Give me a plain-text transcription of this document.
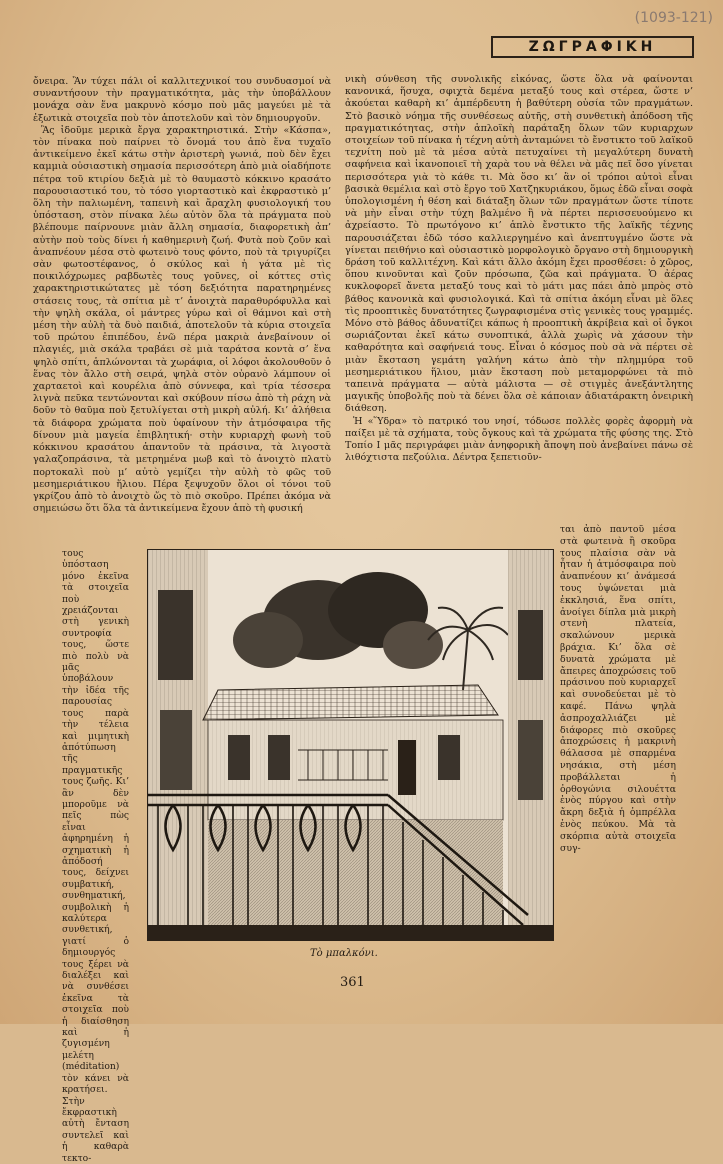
(1093-121)
ΖΩΓΡΑΦΙΚΗ

ὄνειρα. Ἂν τύχει πάλι οἱ καλλιτεχνικοί του συνδυασμοί νὰ συναντήσουν τὴν πραγματικότητα, μὰς τὴν ὑποβάλλουν μονάχα σὰν ἕνα μακρυνὸ κόσμο ποὺ μᾶς μαγεύει μὲ τὰ ἐξωτικὰ στοιχεῖα ποὺ τὸν ἀποτελοῦν καὶ τὸν δημιουργοῦν.

Ἂς ἰδοῦμε μερικὰ ἔργα χαρακτηριστικά. Στὴν «Κάσπα», τὸν πίνακα ποὺ παίρνει τὸ ὄνομά του ἀπὸ ἕνα τυχαῖο ἀντικείμενο ἐκεῖ κάτω στὴν ἀριστερὴ γωνιά, ποὺ δὲν ἔχει καμμιὰ οὐσιαστικὴ σημασία περισσότερη ἀπὸ μιὰ οἱαδήποτε πέτρα τοῦ κτιρίου δεξιὰ μὲ τὸ θαυμαστὸ κόκκινο κρασάτο παρουσιαστικό του, τὸ τόσο γιορταστικὸ καὶ ἐκφραστικὸ μ’ ὅλη τὴν παλιωμένη, ταπεινὴ καὶ ἄραχλη φυσιολογική του ὑπόσταση, στὸν πίνακα λέω αὐτὸν ὅλα τὰ πράγματα ποὺ βλέπουμε παίρνουνε μιὰν ἄλλη σημασία, διαφορετικὴ ἀπ’ αὐτὴν ποὺ τοὺς δίνει ἡ καθημερινὴ ζωή. Φυτὰ ποὺ ζοῦν καὶ ἀναπνέουν μέσα στὸ φωτεινὸ τους φόντο, ποὺ τὰ τριγυρίζει σὰν φωτοστέφανος, ὁ σκύλος καὶ ἡ γάτα μὲ τὶς ποικιλόχρωμες ραβδωτὲς τους γοῦνες, οἱ κόττες στὶς χαρακτηριστικώτατες μὲ τόση δεξιότητα παρατηρημένες στάσεις τους, τὰ σπίτια μὲ τ’ ἀνοιχτὰ παραθυρόφυλλα καὶ τὴν ψηλὴ σκάλα, οἱ μάντρες γύρω καὶ οἱ θάμνοι καὶ στὴ μέση τὴν αὐλὴ τὰ δυὸ παιδιά, ἀποτελοῦν τὰ κύρια στοιχεῖα τοῦ πρώτου ἐπιπέδου, ἐνῶ πέρα μακριὰ ἀνεβαίνουν οἱ πλαγιές, μιὰ σκάλα τραβάει σὲ μιὰ ταράτσα κοντὰ σ’ ἕνα ψηλὸ σπίτι, ἁπλώνονται τὰ χωράφια, οἱ λόφοι ἀκολουθοῦν ὁ ἕνας τὸν ἄλλο στὴ σειρά, ψηλὰ στὸν οὐρανὸ λάμπουν οἱ χαρταετοὶ καὶ κουρέλια ἀπὸ σύννεφα, καὶ τρία τέσσερα λιγνὰ πεῦκα τεντώνονται καὶ σκύβουν πίσω ἀπὸ τὴ ράχη νὰ δοῦν τὸ θαῦμα ποὺ ξετυλίγεται στὴ μικρὴ αὐλή. Κι’ ἀλήθεια τὰ διάφορα χρώματα ποὺ ὑφαίνουν τὴν ἀτμόσφαιρα τῆς δίνουν μιὰ μαγεία ἐπιβλητική· στὴν κυριαρχὴ φωνὴ τοῦ κόκκινου κρασάτου ἀπαντοῦν τὰ πράσινα, τὰ λιγοστὰ γαλαζοπράσινα, τὰ μετρημένα μωβ καὶ τὸ ἀνοιχτὸ πλατὺ πορτοκαλὶ ποὺ μ’ αὐτὸ γεμίζει τὴν αὐλὴ τὸ φῶς τοῦ μεσημεριάτικου ἥλιου. Πέρα ξεψυχοῦν ὅλοι οἱ τόνοι τοῦ γκρίζου ἀπὸ τὸ ἀνοιχτὸ ὥς τὸ πιὸ σκοῦρο. Πρέπει ἀκόμα νὰ σημειώσω ὅτι ὅλα τὰ ἀντικείμενα ἔχουν ἀπὸ τὴ φυσική

νικὴ σύνθεση τῆς συνολικῆς εἰκόνας, ὥστε ὅλα νὰ φαίνονται κανονικά, ἥσυχα, σφιχτὰ δεμένα μεταξύ τους καὶ στέρεα, ὥστε ν’ ἀκούεται καθαρὴ κι’ ἀμπέρδευτη ἡ βαθύτερη οὐσία τῶν πραγμάτων. Στὸ βασικὸ νόημα τῆς συνθέσεως αὐτῆς, στὴ συνθετικὴ ἀπόδοση τῆς πραγματικότητας, στὴν ἁπλοϊκὴ παράταξη ὅλων τῶν κυριαρχων στοιχείων τοῦ πίνακα ἡ τέχνη αὐτὴ ἀνταμώνει τὸ ἔνστικτο τοῦ λαϊκοῦ τεχνίτη ποὺ μὲ τὰ μέσα αὐτὰ πετυχαίνει τὴ μεγαλύτερη δυνατὴ σαφήνεια καὶ ἱκανοποιεῖ τὴ χαρὰ του νὰ θέλει νὰ μᾶς πεῖ ὅσο γίνεται περισσότερα γιὰ τὸ κάθε τι. Μὰ ὅσο κι’ ἂν οἱ τρόποι αὐτοὶ εἶναι βασικὰ θεμέλια καὶ στὸ ἔργο τοῦ Χατζηκυριάκου, ὅμως ἐδῶ εἶναι σοφὰ ὑπολογισμένη ἡ θέση καὶ διάταξη ὅλων τῶν πραγμάτων ὥστε τίποτε νὰ μὴν εἶναι στὴν τύχη βαλμένο ἢ νὰ πέρτει περισσευούμενο κι ἀχρείαστο. Τὸ πρωτόγονο κι’ ἁπλὸ ἔνστικτο τῆς λαϊκῆς τέχνης παρουσιάζεται ἐδῶ τόσο καλλιεργημένο καὶ ἀνεπτυγμένο ὥστε νὰ γίνεται πειθήνιο καὶ οὐσιαστικὸ μορφολογικὸ ὄργανο στὴ δημιουργικὴ δράση τοῦ καλλιτέχνη. Καὶ κάτι ἄλλο ἀκόμη ἔχει προσθέσει: ὁ χῶρος, ὅπου κινοῦνται καὶ ζοῦν πρόσωπα, ζῶα καὶ πράγματα. Ὁ ἀέρας κυκλοφορεῖ ἄνετα μεταξύ τους καὶ τὸ μάτι μας πάει ἀπὸ μπρὸς στὸ βάθος κανονικὰ καὶ φυσιολογικά. Καὶ τὰ σπίτια ἀκόμη εἶναι μὲ ὅλες τὶς προοπτικὲς δυνατότητες ζωγραφισμένα στὶς γενικὲς τους γραμμές. Μόνο στὸ βάθος ἀδυνατίζει κάπως ἡ προοπτικὴ ἀκρίβεια καὶ οἱ ὄγκοι σωριάζονται ἐκεῖ κάτω συνοπτικά, ἀλλὰ χωρὶς νὰ χάσουν τὴν καθαρότητα καὶ σαφήνειά τους. Εἶναι ὁ κόσμος ποὺ σὰ νὰ πέρτει σὲ μιὰν ἔκσταση γεμάτη γαλήνη κάτω ἀπὸ τὴν πλημμύρα τοῦ μεσημεριάτικου ἥλιου, μιὰν ἔκσταση ποὺ μεταμορφώνει τὰ πιὸ ταπεινὰ πράγματα — αὐτὰ μάλιστα — σὲ στιγμὲς ἀνεξάντλητης μαγικῆς ὑποβολῆς ποὺ τὰ δένει ὅλα σὲ κάποιαν ἀδιατάρακτη ὀνειρικὴ διάθεση.

Ἡ «Ὕδρα» τὸ πατρικό του νησί, τόδωσε πολλὲς φορὲς ἀφορμὴ νὰ παίξει μὲ τὰ σχήματα, τοὺς ὄγκους καὶ τὰ χρώματα τῆς φύσης της. Στὸ Τοπίο Ι μᾶς περιγράφει μιὰν ἀνηφορικὴ ἄποψη ποὺ ἀνεβαίνει πάνω σὲ λιθόχτιστα πεζούλια. Δέντρα ξεπετιοῦν-

τους ὑπόσταση μόνο ἐκεῖνα τὰ στοιχεῖα ποὺ χρειάζονται στὴ γενικὴ συντροφία τους, ὥστε πιὸ πολὺ νὰ μᾶς ὑποβάλουν τὴν ἰδέα τῆς παρουσίας τους παρὰ τὴν τέλεια καὶ μιμητικὴ ἀπότύπωση τῆς πραγματικῆς τους ζωῆς. Κι’ ἂν δὲν μποροῦμε νὰ πεῖς πὼς εἶναι ἀφηρημένη ἡ σχηματικὴ ἡ ἀπόδοσή τους, δείχνει συμβατική, συνθηματική, συμβολικὴ ἡ καλύτερα συνθετική, γιατί ὁ δημιουργός τους ξέρει νὰ διαλέξει καὶ νὰ συνθέσει ἐκεῖνα τὰ στοιχεῖα ποὺ ἡ διαίσθηση καὶ ἡ ζυγισμένη μελέτη (méditation) τὸν κάνει νὰ κρατήσει. Στὴν ἔκφραστικὴ αὐτὴ ἔνταση συντελεῖ καὶ ἡ καθαρὰ τεκτο-

ται ἀπὸ παντοῦ μέσα στὰ φωτεινὰ ἢ σκοῦρα τους πλαίσια σὰν νὰ ἦταν ἡ ἀτμόσφαιρα ποὺ ἀναπνέουν κι’ ἀνάμεσά τους ὑψώνεται μιὰ ἐκκλησιά, ἕνα σπίτι, ἀνοίγει δίπλα μιὰ μικρὴ στενὴ πλατεία, σκαλώνουν μερικὰ βράχια. Κι’ ὅλα σὲ δυνατὰ χρώματα μὲ ἄπειρες ἀποχρώσεις τοῦ πράσινου ποὺ κυριαρχεῖ καὶ συνοδεύεται μὲ τὸ καφέ. Πάνω ψηλὰ ἀσπροχαλλιάζει μὲ διάφορες πιὸ σκοῦρες ἀποχρώσεις ἡ μακρινὴ θάλασσα μὲ σπαρμένα νησάκια, στὴ μέση προβάλλεται ἡ ὀρθογώνια σιλουέττα ἑνὸς πύργου καὶ στὴν ἄκρη δεξιὰ ἡ ὀμπρέλλα ἑνὸς πεύκου. Μὰ τὰ σκόρπια αὐτὰ στοιχεῖα συγ-

Τὸ μπαλκόνι.
361
